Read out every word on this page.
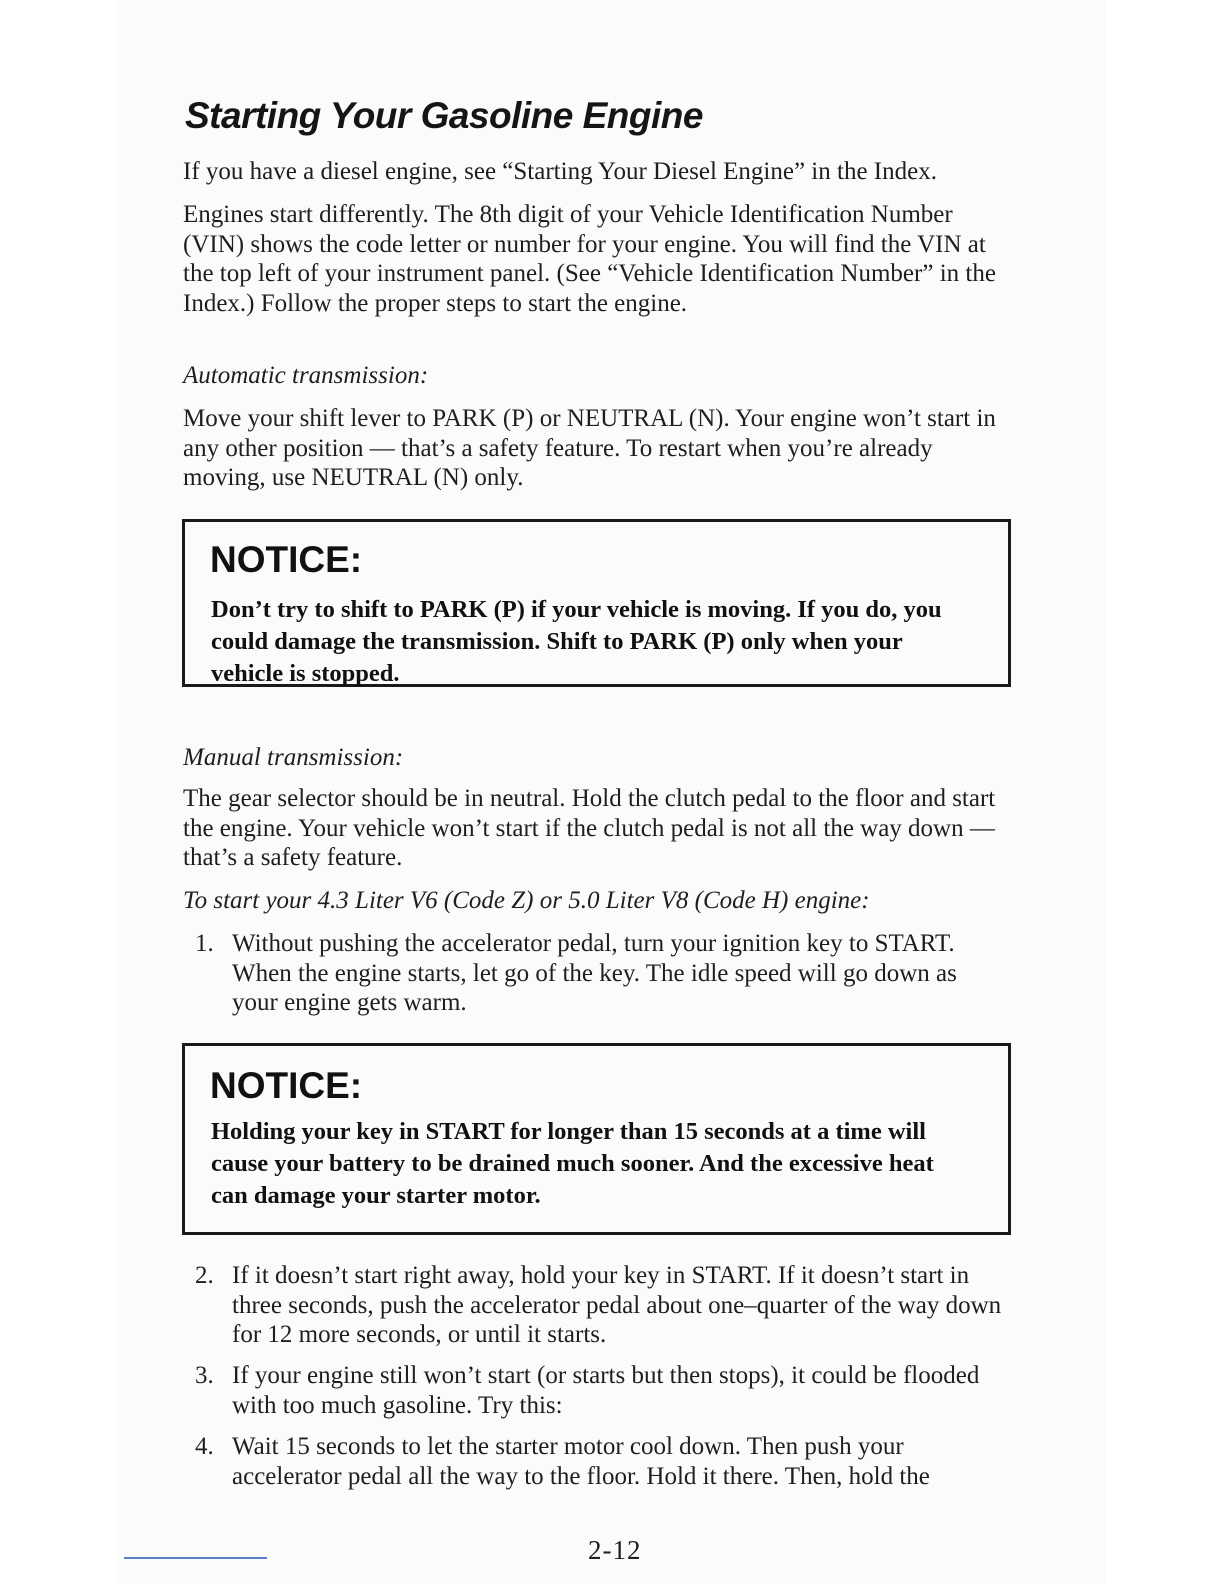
Starting Your Gasoline Engine

If you have a diesel engine, see “Starting Your Diesel Engine” in the Index.

Engines start differently. The 8th digit of your Vehicle Identification Number (VIN) shows the code letter or number for your engine. You will find the VIN at the top left of your instrument panel. (See “Vehicle Identification Number” in the Index.) Follow the proper steps to start the engine.

Automatic transmission:

Move your shift lever to PARK (P) or NEUTRAL (N). Your engine won’t start in any other position — that’s a safety feature. To restart when you’re already moving, use NEUTRAL (N) only.

NOTICE:

Don’t try to shift to PARK (P) if your vehicle is moving. If you do, you could damage the transmission. Shift to PARK (P) only when your vehicle is stopped.

Manual transmission:

The gear selector should be in neutral. Hold the clutch pedal to the floor and start the engine. Your vehicle won’t start if the clutch pedal is not all the way down — that’s a safety feature.

To start your 4.3 Liter V6 (Code Z) or 5.0 Liter V8 (Code H) engine:

1. Without pushing the accelerator pedal, turn your ignition key to START. When the engine starts, let go of the key. The idle speed will go down as your engine gets warm.

NOTICE:

Holding your key in START for longer than 15 seconds at a time will cause your battery to be drained much sooner. And the excessive heat can damage your starter motor.

2. If it doesn’t start right away, hold your key in START. If it doesn’t start in three seconds, push the accelerator pedal about one–quarter of the way down for 12 more seconds, or until it starts.
3. If your engine still won’t start (or starts but then stops), it could be flooded with too much gasoline. Try this:
4. Wait 15 seconds to let the starter motor cool down. Then push your accelerator pedal all the way to the floor. Hold it there. Then, hold the
2-12
